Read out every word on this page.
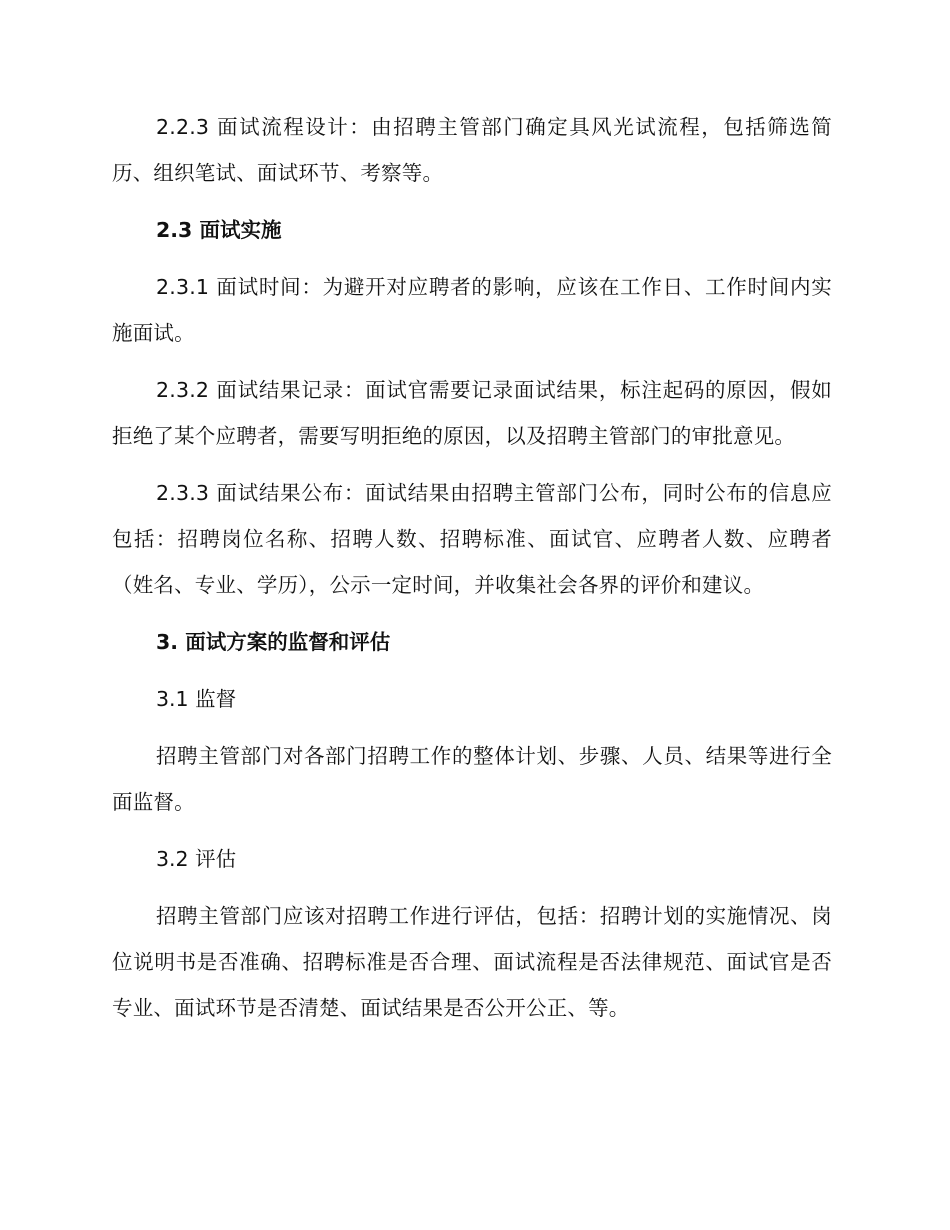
2.2.3 面试流程设计：由招聘主管部门确定具风光试流程，包括筛选简历、组织笔试、面试环节、考察等。

2.3 面试实施

2.3.1 面试时间：为避开对应聘者的影响，应该在工作日、工作时间内实施面试。

2.3.2 面试结果记录：面试官需要记录面试结果，标注起码的原因，假如拒绝了某个应聘者，需要写明拒绝的原因，以及招聘主管部门的审批意见。

2.3.3 面试结果公布：面试结果由招聘主管部门公布，同时公布的信息应包括：招聘岗位名称、招聘人数、招聘标准、面试官、应聘者人数、应聘者（姓名、专业、学历），公示一定时间，并收集社会各界的评价和建议。

3. 面试方案的监督和评估

3.1 监督

招聘主管部门对各部门招聘工作的整体计划、步骤、人员、结果等进行全面监督。

3.2 评估

招聘主管部门应该对招聘工作进行评估，包括：招聘计划的实施情况、岗位说明书是否准确、招聘标准是否合理、面试流程是否法律规范、面试官是否专业、面试环节是否清楚、面试结果是否公开公正、等。
